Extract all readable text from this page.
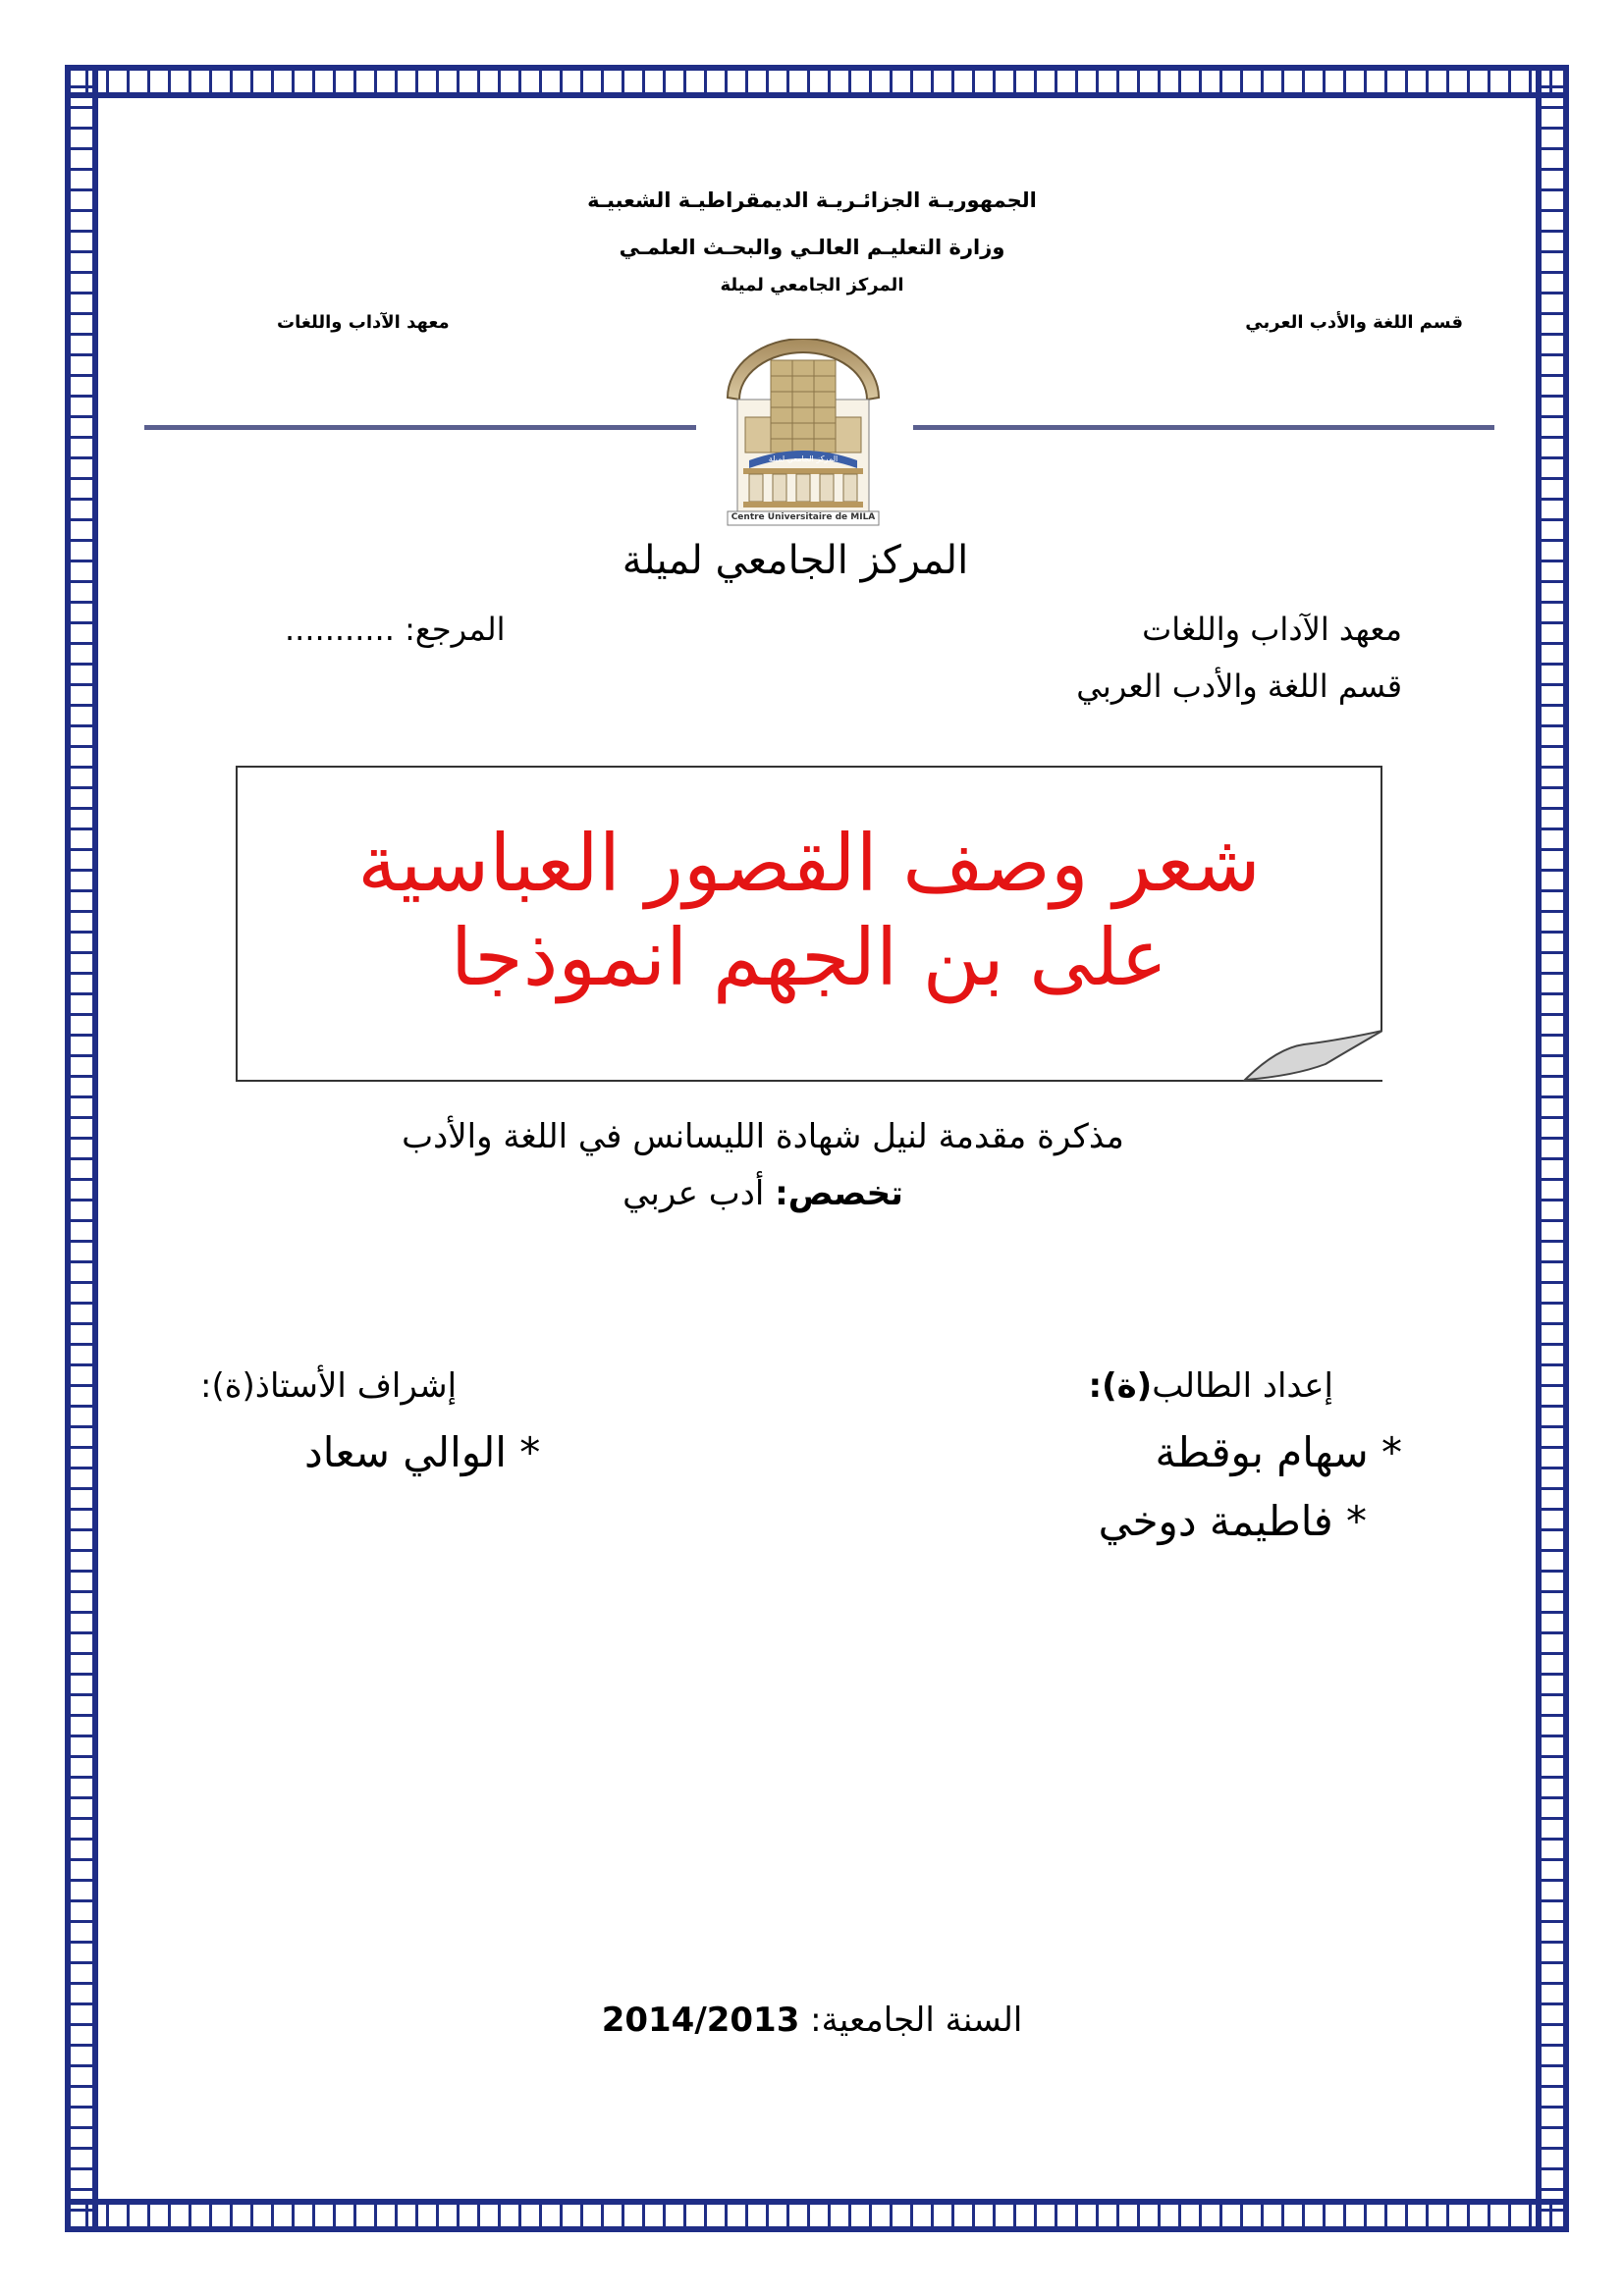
الجمهوريـة الجزائـريـة الديمقراطيـة الشعبيـة
وزارة التعليـم العالـي والبحـث العلمـي
المركز الجامعي لميلة
قسم اللغة والأدب العربي
معهد الآداب واللغات
المركز الجامعي لميلة
Centre Universitaire de MILA
المركز الجامعي لميلة
معهد الآداب واللغات
قسم اللغة والأدب العربي
المرجع: ...........
شعر وصف القصور العباسية
على بن الجهم انموذجا
مذكرة مقدمة لنيل شهادة الليسانس في اللغة والأدب
تخصص: أدب عربي
إعداد الطالب(ة):
* سهام بوقطة
* فاطيمة دوخي
إشراف الأستاذ(ة):
* الوالي سعاد
السنة الجامعية: 2014/2013
